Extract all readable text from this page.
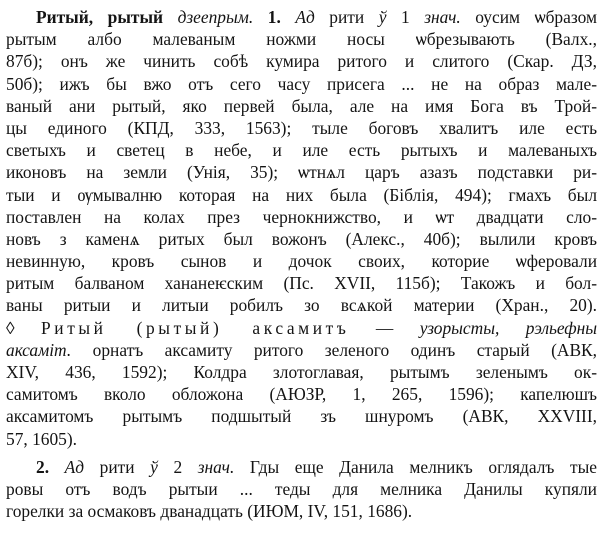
Ритый, рытый дзеепрым. 1. Ад рити ў 1 знач. оусим ѡбразом
рытым албо малеваным ножми носы ѡбрезывають (Валх.,
87б); онъ же чинить собѣ кумира ритого и слитого (Скар. ДЗ,
50б); ижъ бы вжо отъ сего часу присега ... не на образ мале-
ваный ани рытый, яко первей была, але на имя Бога въ Трой-
цы единого (КПД, 333, 1563); тыле боговъ хвалитъ иле есть
светыхъ и светец в небе, и иле есть рытыхъ и малеваныхъ
иконовъ на земли (Унія, 35); ѡтнѧл царъ азазъ подставки ри-
тыи и ѹмывалню которая на них была (Біблія, 494); гмахъ был
поставлен на колах през чернокнижство, и ѡт двадцати сло-
новъ з каменѧ ритых был вожонъ (Алекс., 40б); вылили кровъ
невинную, кровъ сынов и дочок своих, которие ѡферовали
ритым балваном хананеѥским (Пс. XVII, 115б); Такожъ и бол-
ваны ритыи и литыи робилъ зо всѧкой материи (Хран., 20).
◊ Ритый (рытый) аксамитъ — узорысты, рэльефны
аксаміт. орнатъ аксамиту ритого зеленого одинъ старый (АВК,
XIV, 436, 1592); Колдра злотоглавая, рытымъ зеленымъ ок-
самитомъ вколо обложона (АЮЗР, 1, 265, 1596); капелюшъ
аксамитомъ рытымъ подшытый зъ шнуромъ (АВК, XXVIII,
57, 1605).
2. Ад рити ў 2 знач. Гды еще Данила мелникъ оглядалъ тые
ровы отъ водъ рытыи ... теды для мелника Данилы купяли
горелки за осмаковъ дванадцать (ИЮМ, IV, 151, 1686).
